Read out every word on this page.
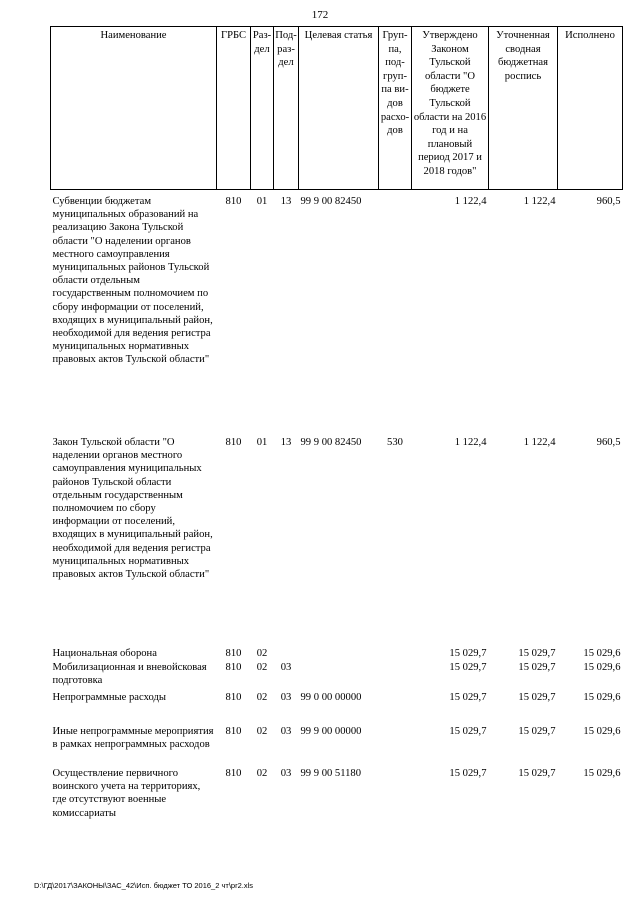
172
Наименование	ГРБС	Раз-дел	Под-раз-дел	Целевая статья	Груп-па, под-груп-па ви-дов расхо-дов	Утверждено Законом Тульской области "О бюджете Тульской области на 2016 год и на плановый период 2017 и 2018 годов"	Уточненная сводная бюджетная роспись	Исполнено
Субвенции бюджетам муниципальных образований на реализацию Закона Тульской области "О наделении органов местного самоуправления муниципальных районов Тульской области отдельным государственным полномочием по сбору информации от поселений, входящих в муниципальный район, необходимой для ведения регистра муниципальных нормативных правовых актов Тульской области"	810	01	13	99 9 00 82450		1 122,4	1 122,4	960,5
Закон Тульской области "О наделении органов местного самоуправления муниципальных районов Тульской области отдельным государственным полномочием по сбору информации от поселений, входящих в муниципальный район, необходимой для ведения регистра муниципальных нормативных правовых актов Тульской области"	810	01	13	99 9 00 82450	530	1 122,4	1 122,4	960,5
Национальная оборона	810	02				15 029,7	15 029,7	15 029,6
Мобилизационная и вневойсковая подготовка	810	02	03			15 029,7	15 029,7	15 029,6
Непрограммные расходы	810	02	03	99 0 00 00000		15 029,7	15 029,7	15 029,6
Иные непрограммные мероприятия в рамках непрограммных расходов	810	02	03	99 9 00 00000		15 029,7	15 029,7	15 029,6
Осуществление первичного воинского учета на территориях, где отсутствуют военные комиссариаты	810	02	03	99 9 00 51180		15 029,7	15 029,7	15 029,6
D:\ГД\2017\ЗАКОНЫ\ЗАС_42\Исп. бюджет ТО 2016_2 чт\pr2.xls
